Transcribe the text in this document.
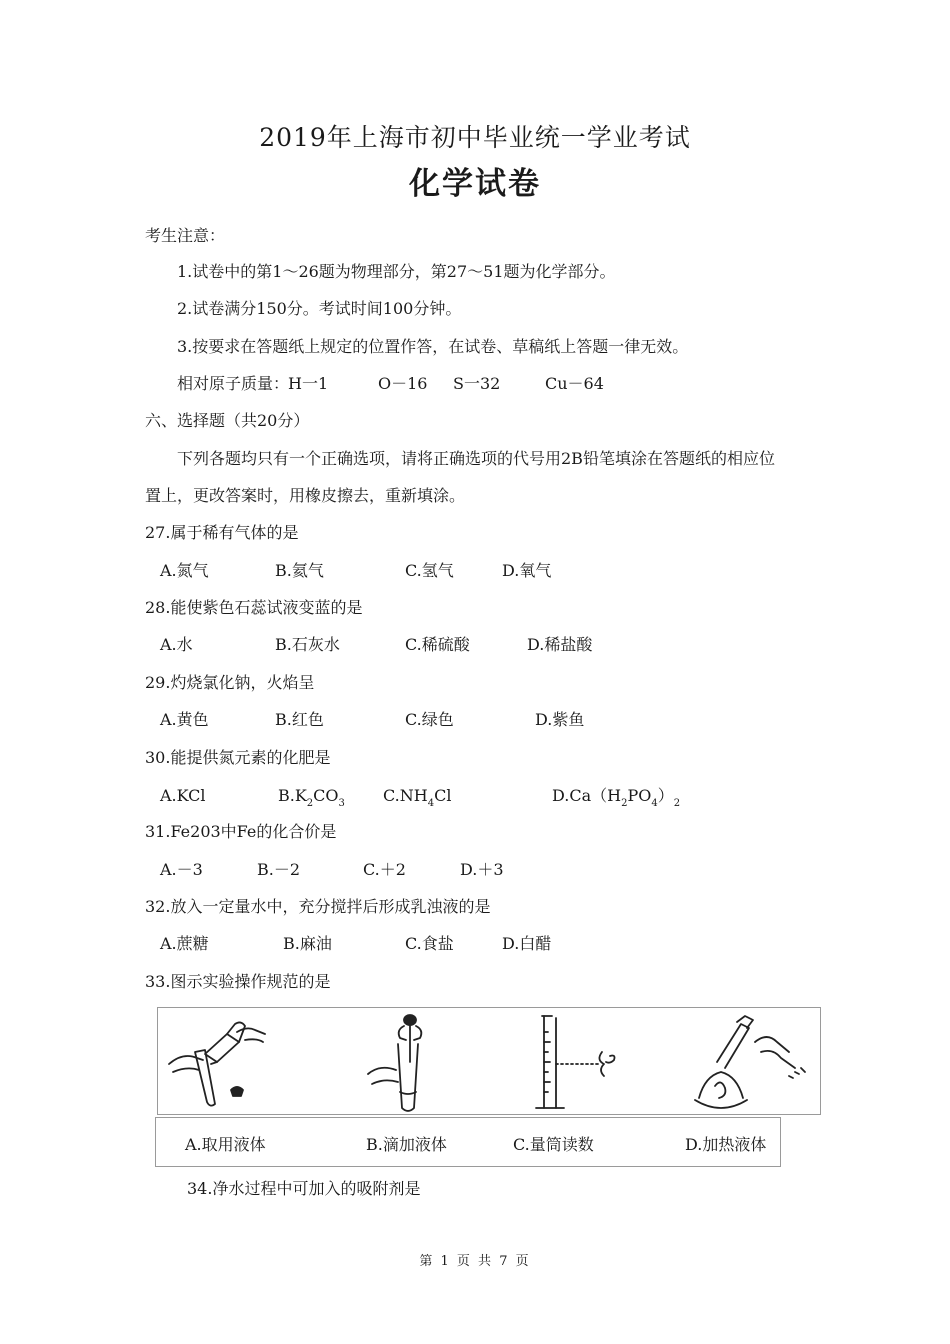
2019年上海市初中毕业统一学业考试
化学试卷
考生注意：
1.试卷中的第1～26题为物理部分，第27～51题为化学部分。
2.试卷满分150分。考试时间100分钟。
3.按要求在答题纸上规定的位置作答，在试卷、草稿纸上答题一律无效。
相对原子质量：
H一1	O－16 S一32	Cu－64
六、选择题（共20分）
下列各题均只有一个正确选项，请将正确选项的代号用2B铅笔填涂在答题纸的相应位
置上，更改答案时，用橡皮擦去，重新填涂。
27.属于稀有气体的是
A.氮气	B.氦气	C.氢气	D.氧气
28.能使紫色石蕊试液变蓝的是
A.水	B.石灰水	C.稀硫酸	D.稀盐酸
29.灼烧氯化钠，火焰呈
A.黄色	B.红色	C.绿色	D.紫鱼
30.能提供氮元素的化肥是
A.KCl	$B.K_2CO_3$ $C.NH_4Cl$	$D.Ca(H_2PO_4)_2$
31.Fe203中Fe的化合价是
A.－3	B.－2	C.＋2	D.＋3
32.放入一定量水中，充分搅拌后形成乳浊液的是
A.蔗糖	B.麻油	C.食盐	D.白醋
33.图示实验操作规范的是
A.取用液体	B.滴加液体	C.量筒读数	D.加热液体
34.净水过程中可加入的吸附剂是
第 1 页 共 7 页
